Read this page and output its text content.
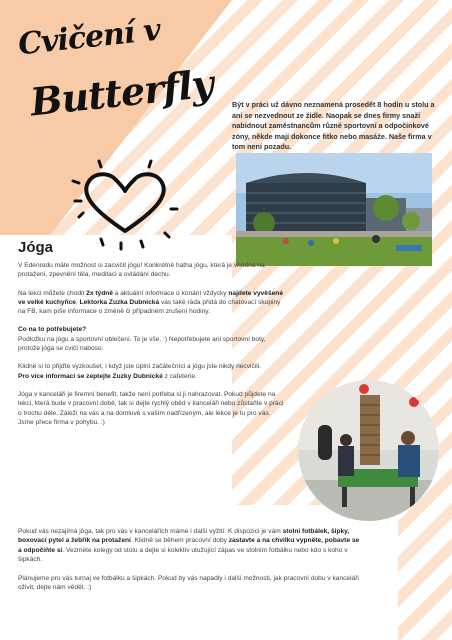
Cvičení v
Butterfly Být v práci už dávno neznamená prosedět 8 hodin u stolu a ani se nezvednout ze židle. Naopak se dnes firmy snaží nabídnout zaměstnancům různé sportovní a odpočinkové zóny, někde mají dokonce fitko nebo masáže. Naše firma v tom není pozadu.
Jóga

V Edenredu máte možnost si zacvičit jógu! Konkrétně hatha jógu, která je vhodná na protažení, zpevnění těla, meditaci a ovládání dechu.

Na lekci můžete chodit 2x týdně a aktuální informace o konání vždycky najdete vyvěšené ve velké kuchyňce. Lektorka Zuzka Dubnická vás také ráda přidá do chatovací skupiny na FB, kam píše informace o změně či případném zrušení hodiny.

Co na to potřebujete?
Podložku na jógu a sportovní oblečení. To je vše. :) Nepotřebujete ani sportovní boty, protože jóga se cvičí naboso.

Klidně si to přijďte vyzkoušet, i když jste úplní začátečníci a jógu jste nikdy necvičili.
Pro více informací se zeptejte Zuzky Dubnické z cafeterie.

Jóga v kanceláři je firemní benefit, takže není potřeba si ji nahrazovat. Pokud půjdete na lekci, která bude v pracovní době, tak si dejte rychlý oběd v kanceláři nebo zůstaňte v práci o trochu déle. Záleží na vás a na domluvě s vaším nadřízeným, ale lekce je tu pro vás. Jsme přece firma v pohybu. :)

Pokud vás nezajímá jóga, tak pro vás v kancelářích máme i další vyžití. K dispozici je vám stolní fotbálek, šipky, boxovací pytel a žebřík na protažení. Klidně se během pracovní doby zastavte a na chvilku vypněte, pobavte se a odpočiňte si. Vezměte kolegy od stolu a dejte si kolektiv utužující zápas ve stolním fotbálku nebo kdo s koho v šipkách.

Plánujeme pro vás turnaj ve fotbálku a šipkách. Pokud by vás napadly i další možnosti, jak pracovní dobu v kanceláři oživit, dejte nám vědět. :)
